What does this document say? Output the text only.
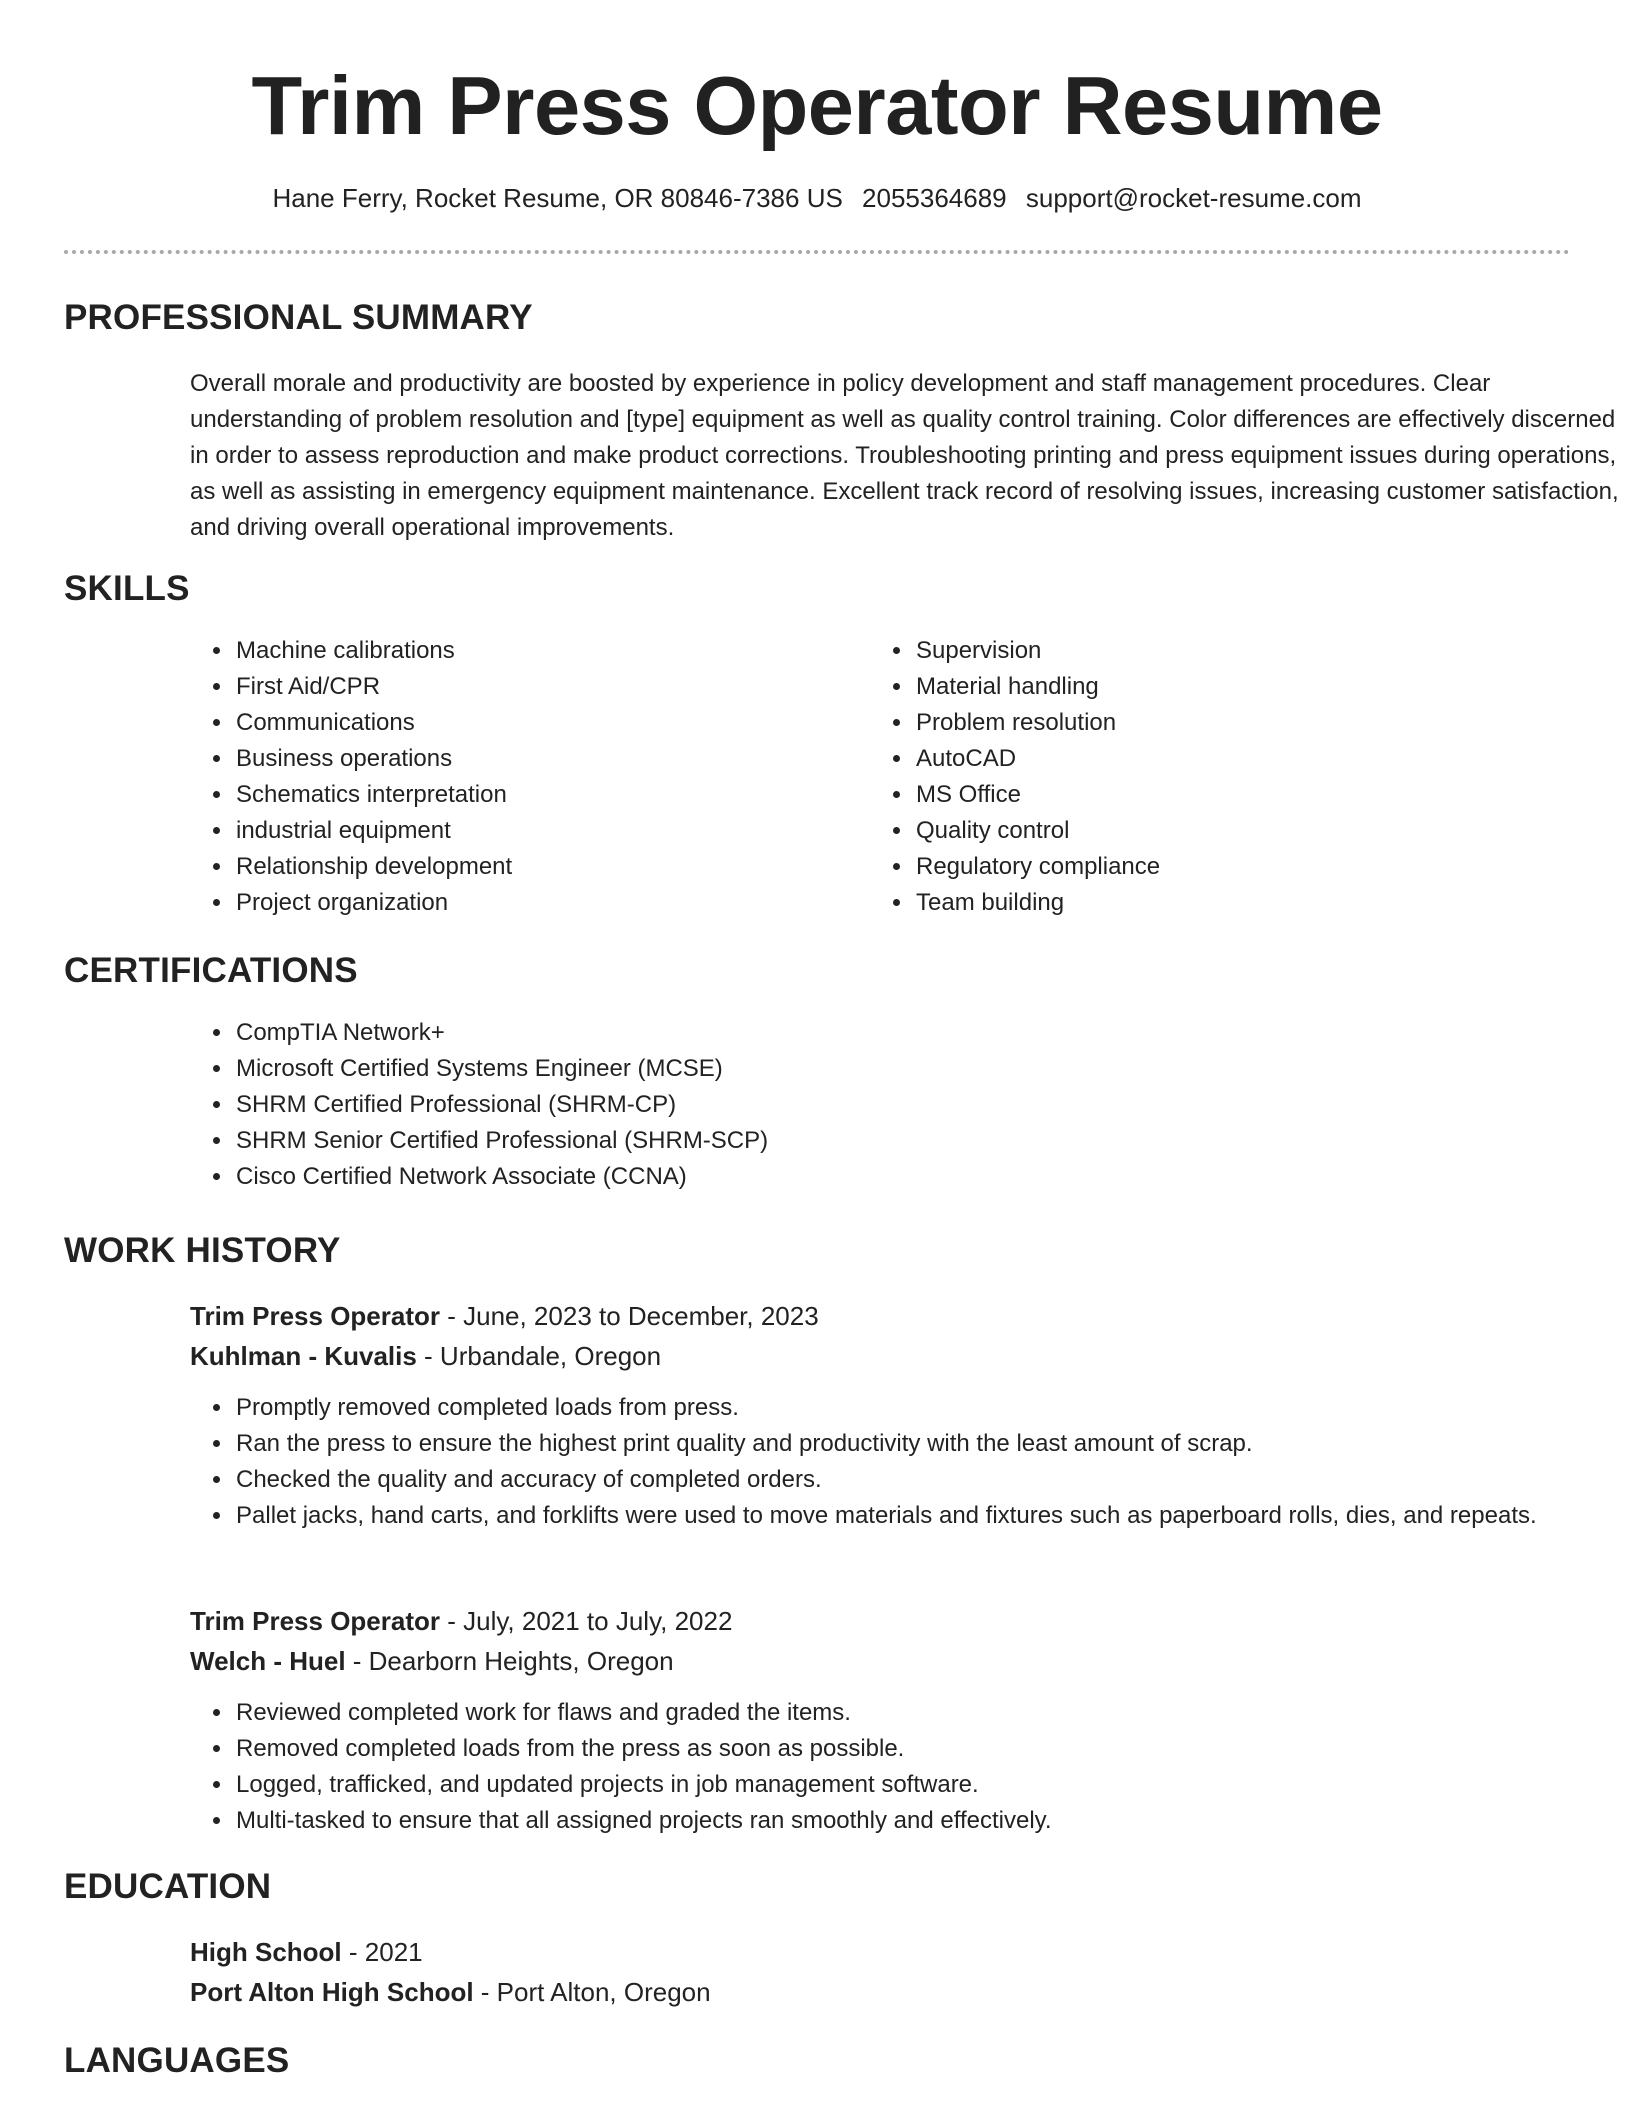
Trim Press Operator Resume
Hane Ferry, Rocket Resume, OR 80846-7386 US 2055364689 support@rocket-resume.com
PROFESSIONAL SUMMARY

Overall morale and productivity are boosted by experience in policy development and staff management procedures. Clear understanding of problem resolution and [type] equipment as well as quality control training. Color differences are effectively discerned in order to assess reproduction and make product corrections. Troubleshooting printing and press equipment issues during operations, as well as assisting in emergency equipment maintenance. Excellent track record of resolving issues, increasing customer satisfaction, and driving overall operational improvements.

SKILLS
• Machine calibrations
• First Aid/CPR
• Communications
• Business operations
• Schematics interpretation
• industrial equipment
• Relationship development
• Project organization
• Supervision
• Material handling
• Problem resolution
• AutoCAD
• MS Office
• Quality control
• Regulatory compliance
• Team building
CERTIFICATIONS
• CompTIA Network+
• Microsoft Certified Systems Engineer (MCSE)
• SHRM Certified Professional (SHRM-CP)
• SHRM Senior Certified Professional (SHRM-SCP)
• Cisco Certified Network Associate (CCNA)
WORK HISTORY
Trim Press Operator - June, 2023 to December, 2023
Kuhlman - Kuvalis - Urbandale, Oregon
• Promptly removed completed loads from press.
• Ran the press to ensure the highest print quality and productivity with the least amount of scrap.
• Checked the quality and accuracy of completed orders.
• Pallet jacks, hand carts, and forklifts were used to move materials and fixtures such as paperboard rolls, dies, and repeats.
Trim Press Operator - July, 2021 to July, 2022
Welch - Huel - Dearborn Heights, Oregon
• Reviewed completed work for flaws and graded the items.
• Removed completed loads from the press as soon as possible.
• Logged, trafficked, and updated projects in job management software.
• Multi-tasked to ensure that all assigned projects ran smoothly and effectively.
EDUCATION
High School - 2021
Port Alton High School - Port Alton, Oregon
LANGUAGES
